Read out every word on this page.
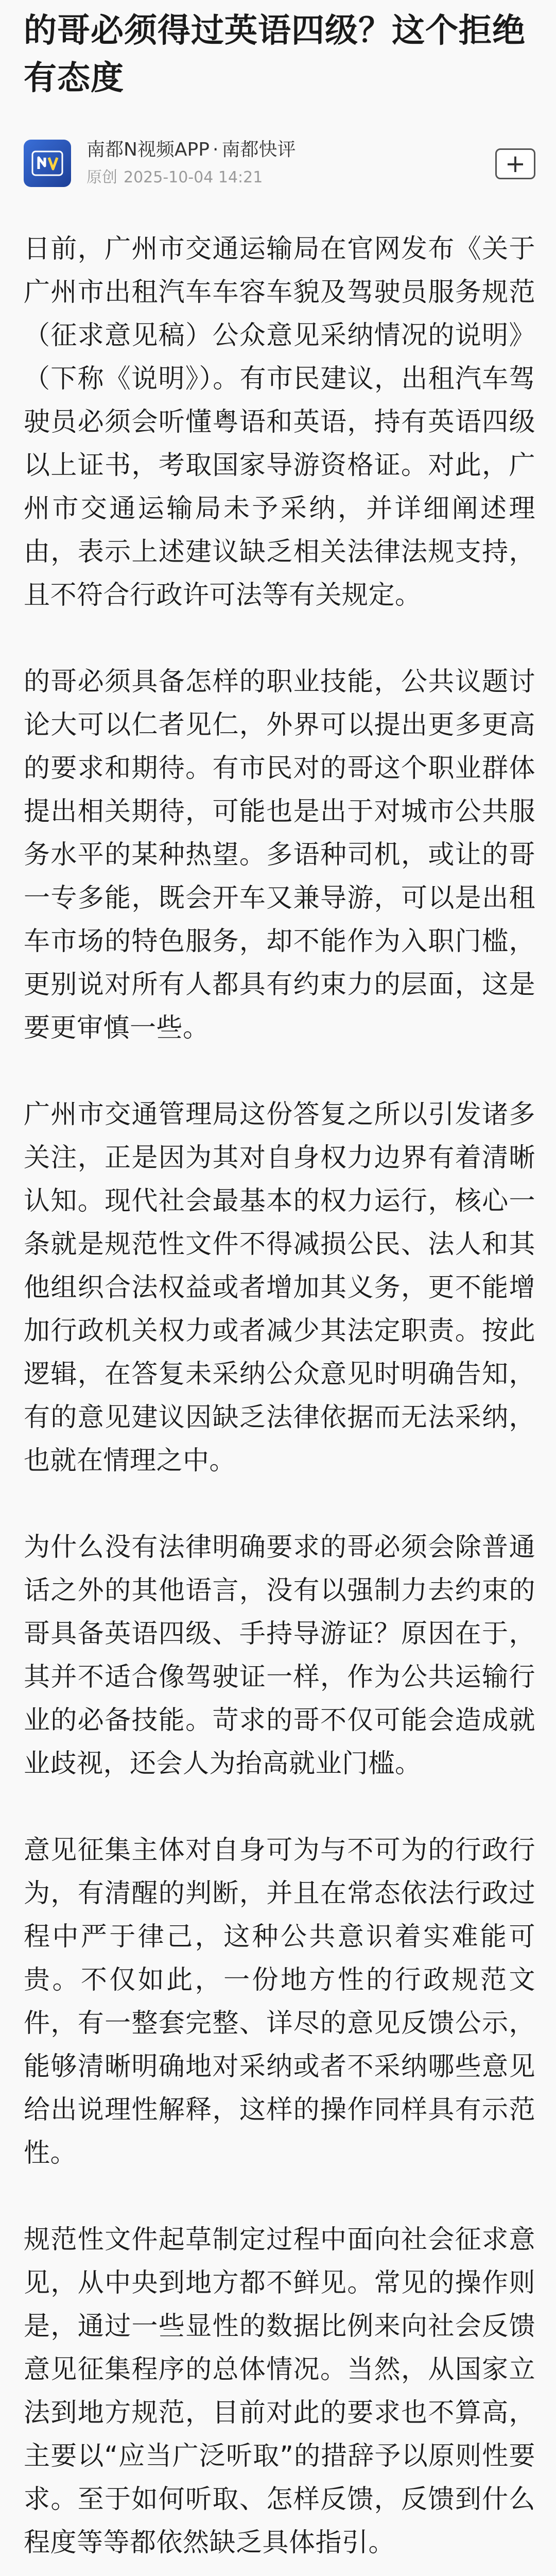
的哥必须得过英语四级？这个拒绝有态度
南都N视频APP · 南都快评
原创 2025-10-04 14:21	+

日前，广州市交通运输局在官网发布《关于广州市出租汽车车容车貌及驾驶员服务规范（征求意见稿）公众意见采纳情况的说明》（下称《说明》）。有市民建议，出租汽车驾驶员必须会听懂粤语和英语，持有英语四级以上证书，考取国家导游资格证。对此，广州市交通运输局未予采纳，并详细阐述理由，表示上述建议缺乏相关法律法规支持，且不符合行政许可法等有关规定。

的哥必须具备怎样的职业技能，公共议题讨论大可以仁者见仁，外界可以提出更多更高的要求和期待。有市民对的哥这个职业群体提出相关期待，可能也是出于对城市公共服务水平的某种热望。多语种司机，或让的哥一专多能，既会开车又兼导游，可以是出租车市场的特色服务，却不能作为入职门槛，更别说对所有人都具有约束力的层面，这是要更审慎一些。

广州市交通管理局这份答复之所以引发诸多关注，正是因为其对自身权力边界有着清晰认知。现代社会最基本的权力运行，核心一条就是规范性文件不得减损公民、法人和其他组织合法权益或者增加其义务，更不能增加行政机关权力或者减少其法定职责。按此逻辑，在答复未采纳公众意见时明确告知，有的意见建议因缺乏法律依据而无法采纳，也就在情理之中。

为什么没有法律明确要求的哥必须会除普通话之外的其他语言，没有以强制力去约束的哥具备英语四级、手持导游证？原因在于，其并不适合像驾驶证一样，作为公共运输行业的必备技能。苛求的哥不仅可能会造成就业歧视，还会人为抬高就业门槛。

意见征集主体对自身可为与不可为的行政行为，有清醒的判断，并且在常态依法行政过程中严于律己，这种公共意识着实难能可贵。不仅如此，一份地方性的行政规范文件，有一整套完整、详尽的意见反馈公示，能够清晰明确地对采纳或者不采纳哪些意见给出说理性解释，这样的操作同样具有示范性。

规范性文件起草制定过程中面向社会征求意见，从中央到地方都不鲜见。常见的操作则是，通过一些显性的数据比例来向社会反馈意见征集程序的总体情况。当然，从国家立法到地方规范，目前对此的要求也不算高，主要以“应当广泛听取”的措辞予以原则性要求。至于如何听取、怎样反馈，反馈到什么程度等等都依然缺乏具体指引。
